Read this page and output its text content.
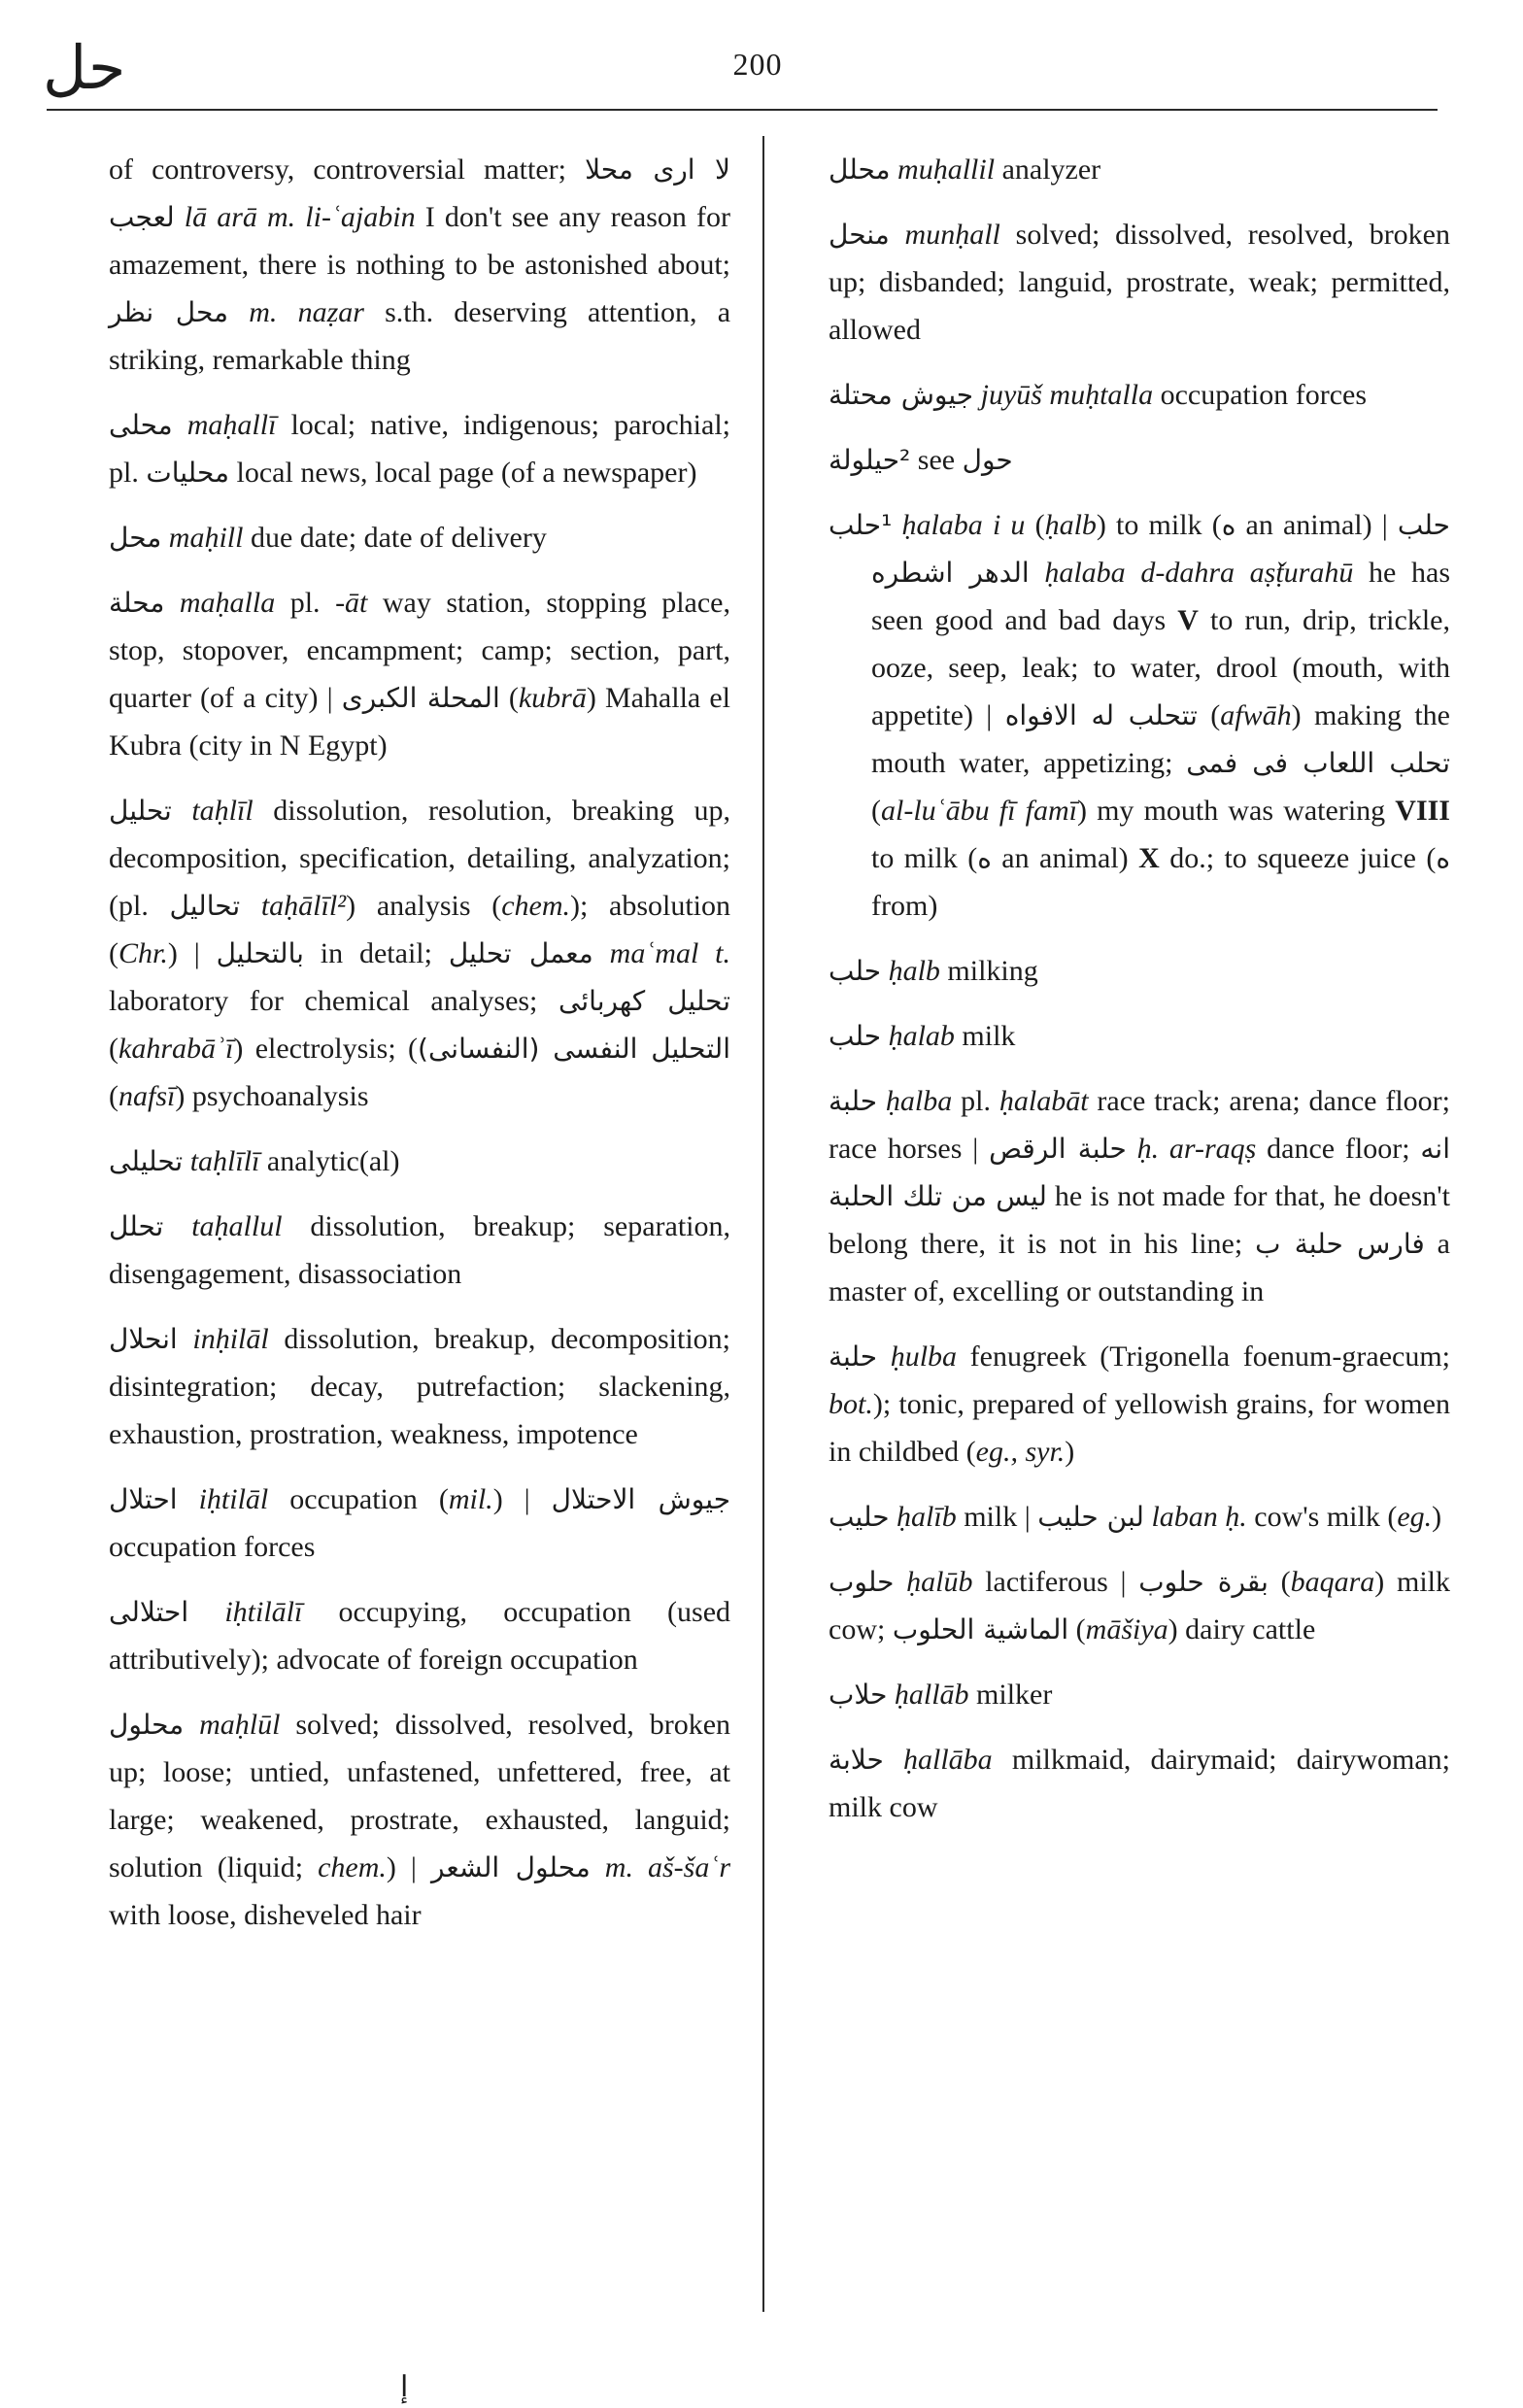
حل	200

of controversy, controversial matter; لا ارى محلا لعجب lā arā m. li-ʿajabin I don't see any reason for amazement, there is nothing to be astonished about; محل نظر m. naẓar s.th. deserving attention, a striking, remarkable thing

محلى maḥallī local; native, indigenous; parochial; pl. محليات local news, local page (of a newspaper)

محل maḥill due date; date of delivery

محلة maḥalla pl. -āt way station, stopping place, stop, stopover, encampment; camp; section, part, quarter (of a city) | المحلة الكبرى (kubrā) Mahalla el Kubra (city in N Egypt)

تحليل taḥlīl dissolution, resolution, breaking up, decomposition, specification, detailing, analyzation; (pl. تحاليل taḥālīl²) analysis (chem.); absolution (Chr.) | بالتحليل in detail; معمل تحليل maʿmal t. laboratory for chemical analyses; تحليل كهربائى (kahrabāʾī) electrolysis; (التحليل النفسى (النفسانى) (nafsī) psychoanalysis

تحليلى taḥlīlī analytic(al)

تحلل taḥallul dissolution, breakup; separation, disengagement, disassociation

انحلال inḥilāl dissolution, breakup, decomposition; disintegration; decay, putrefaction; slackening, exhaustion, prostration, weakness, impotence

احتلال iḥtilāl occupation (mil.) | جيوش الاحتلال occupation forces

احتلالى iḥtilālī occupying, occupation (used attributively); advocate of foreign occupation

محلول maḥlūl solved; dissolved, resolved, broken up; loose; untied, unfastened, unfettered, free, at large; weakened, prostrate, exhausted, languid; solution (liquid; chem.) | محلول الشعر m. aš-šaʿr with loose, disheveled hair

محلل muḥallil analyzer

منحل munḥall solved; dissolved, resolved, broken up; disbanded; languid, prostrate, weak; permitted, allowed

جيوش محتلة juyūš muḥtalla occupation forces

²حيلولة see حول

¹حلب ḥalaba i u (ḥalb) to milk (ه an animal) | حلب الدهر اشطره ḥalaba d-dahra aṣ̌ṭurahū he has seen good and bad days V to run, drip, trickle, ooze, seep, leak; to water, drool (mouth, with appetite) | تتحلب له الافواه (afwāh) making the mouth water, appetizing; تحلب اللعاب فى فمى (al-luʿābu fī famī) my mouth was watering VIII to milk (ه an animal) X do.; to squeeze juice (ه from)

حلب ḥalb milking

حلب ḥalab milk

حلبة ḥalba pl. ḥalabāt race track; arena; dance floor; race horses | حلبة الرقص ḥ. ar-raqṣ dance floor; انه ليس من تلك الحلبة he is not made for that, he doesn't belong there, it is not in his line; فارس حلبة ب a master of, excelling or outstanding in

حلبة ḥulba fenugreek (Trigonella foenum-graecum; bot.); tonic, prepared of yellowish grains, for women in childbed (eg., syr.)

حليب ḥalīb milk | لبن حليب laban ḥ. cow's milk (eg.)

حلوب ḥalūb lactiferous | بقرة حلوب (baqara) milk cow; الماشية الحلوب (māšiya) dairy cattle

حلاب ḥallāb milker

حلابة ḥallāba milkmaid, dairymaid; dairywoman; milk cow

ﺇ
